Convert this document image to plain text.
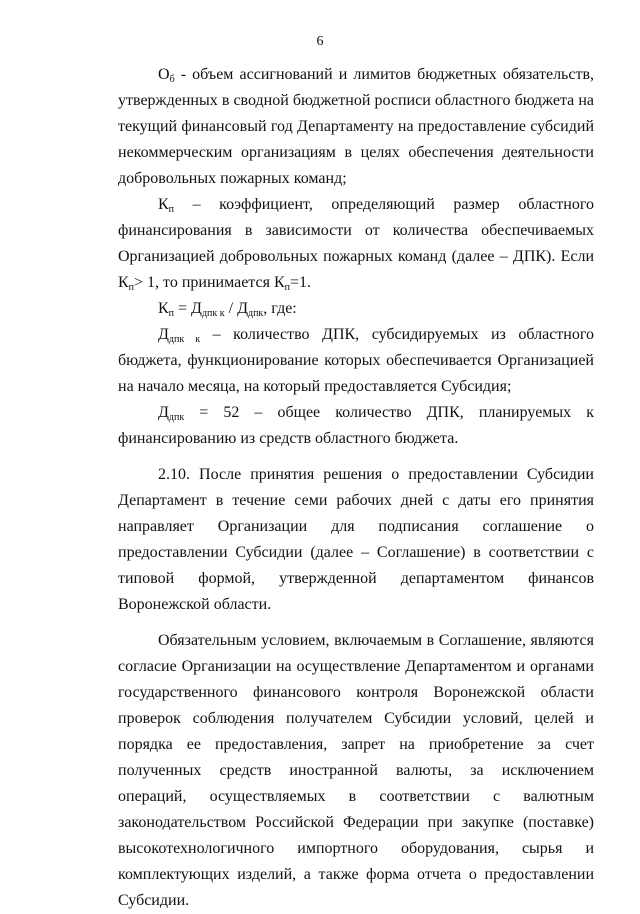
6

$О_б$ - объем ассигнований и лимитов бюджетных обязательств, утвержденных в сводной бюджетной росписи областного бюджета на текущий финансовый год Департаменту на предоставление субсидий некоммерческим организациям в целях обеспечения деятельности добровольных пожарных команд;

$К_п$ – коэффициент, определяющий размер областного финансирования в зависимости от количества обеспечиваемых Организацией добровольных пожарных команд (далее – ДПК). Если $К_п> 1$, то принимается $К_п=1$.

$К_п = Д_{дпк к} / Д_{дпк}$, где:

$Д_{дпк к}$ – количество ДПК, субсидируемых из областного бюджета, функционирование которых обеспечивается Организацией на начало месяца, на который предоставляется Субсидия;

$Д_{дпк} = 52$ – общее количество ДПК, планируемых к финансированию из средств областного бюджета.

2.10. После принятия решения о предоставлении Субсидии Департамент в течение семи рабочих дней с даты его принятия направляет Организации для подписания соглашение о предоставлении Субсидии (далее – Соглашение) в соответствии с типовой формой, утвержденной департаментом финансов Воронежской области.

Обязательным условием, включаемым в Соглашение, являются согласие Организации на осуществление Департаментом и органами государственного финансового контроля Воронежской области проверок соблюдения получателем Субсидии условий, целей и порядка ее предоставления, запрет на приобретение за счет полученных средств иностранной валюты, за исключением операций, осуществляемых в соответствии с валютным законодательством Российской Федерации при закупке (поставке) высокотехнологичного импортного оборудования, сырья и комплектующих изделий, а также форма отчета о предоставлении Субсидии.
